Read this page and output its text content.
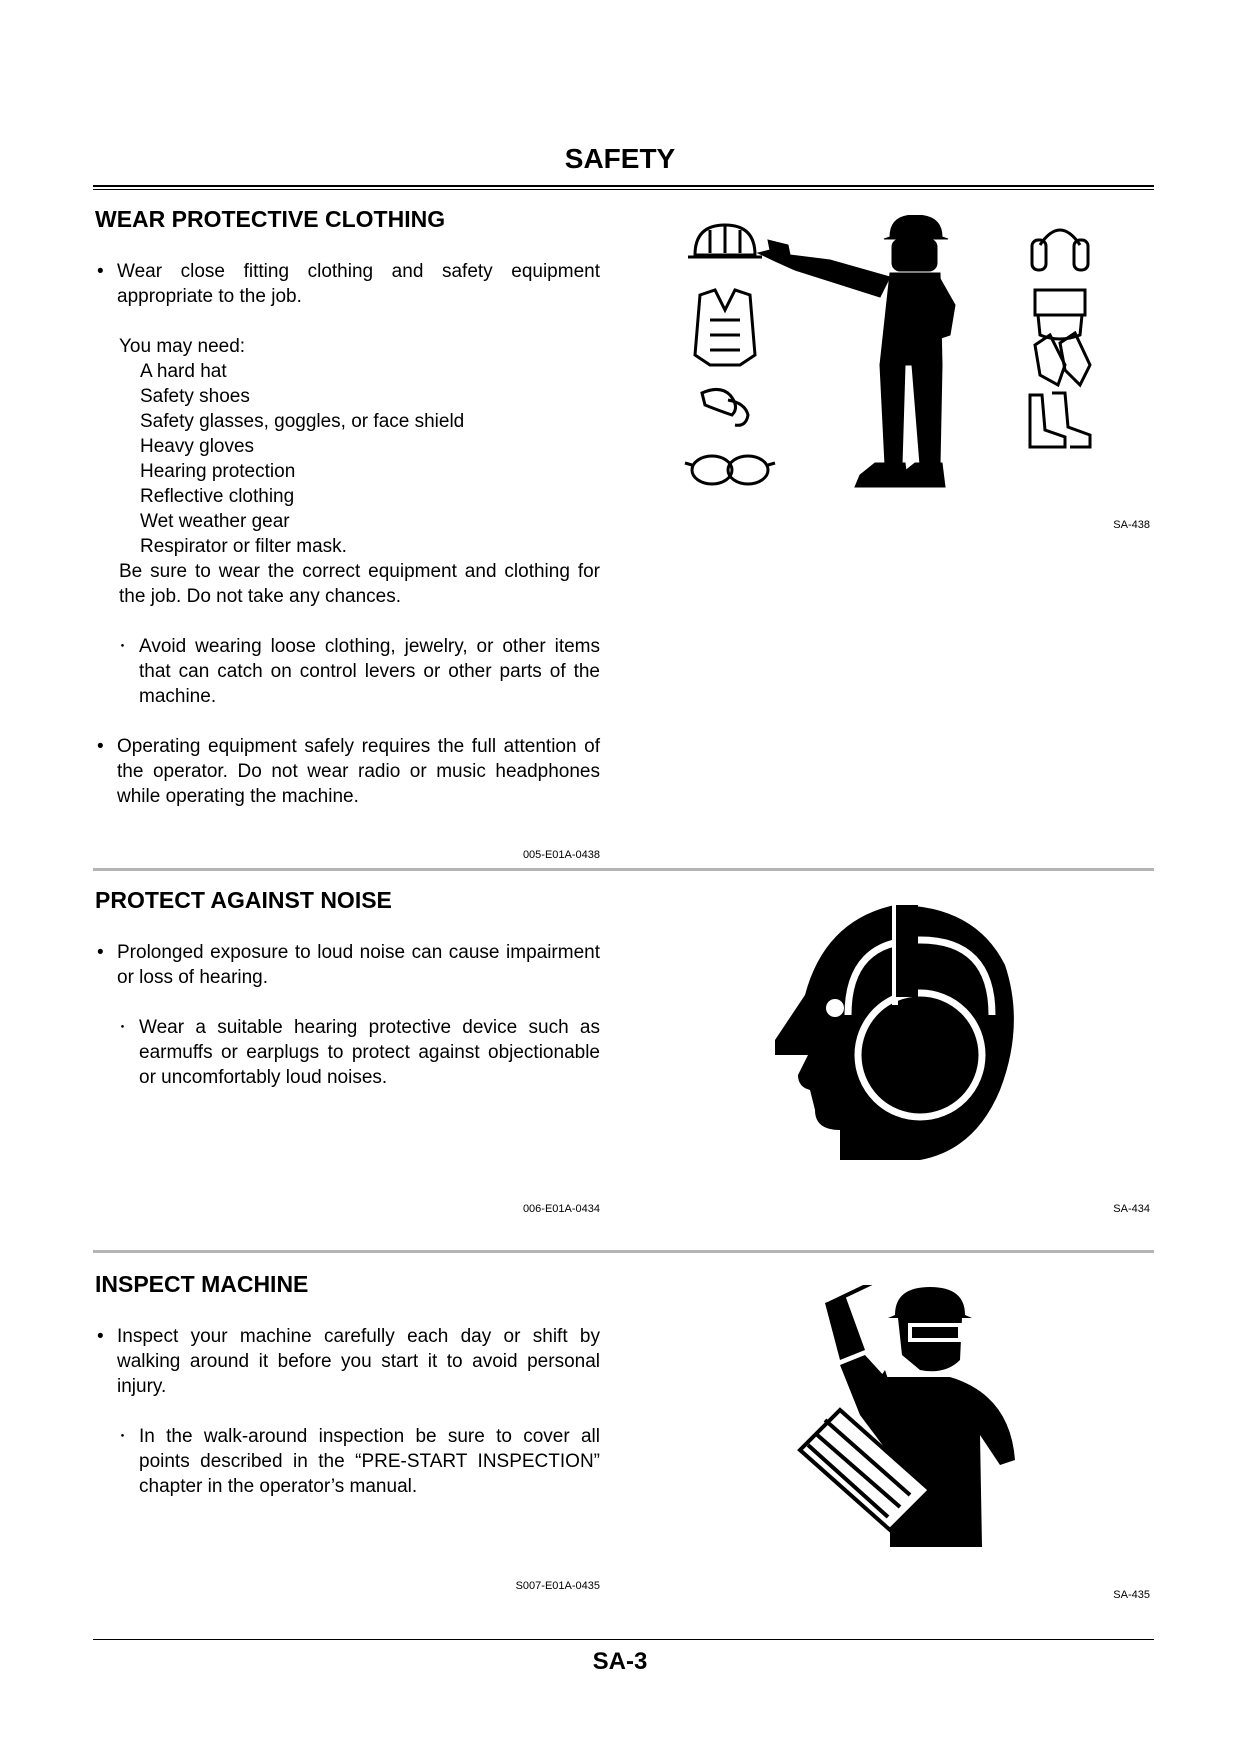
SAFETY
WEAR PROTECTIVE CLOTHING
• Wear close fitting clothing and safety equipment appropriate to the job.
You may need:
A hard hat
Safety shoes
Safety glasses, goggles, or face shield
Heavy gloves
Hearing protection
Reflective clothing
Wet weather gear
Respirator or filter mask.
Be sure to wear the correct equipment and clothing for the job. Do not take any chances.
・ Avoid wearing loose clothing, jewelry, or other items that can catch on control levers or other parts of the machine.
• Operating equipment safely requires the full attention of the operator. Do not wear radio or music headphones while operating the machine.
005-E01A-0438
SA-438
PROTECT AGAINST NOISE
• Prolonged exposure to loud noise can cause impairment or loss of hearing.
・ Wear a suitable hearing protective device such as earmuffs or earplugs to protect against objectionable or uncomfortably loud noises.
006-E01A-0434	SA-434
INSPECT MACHINE
• Inspect your machine carefully each day or shift by walking around it before you start it to avoid personal injury.
・ In the walk-around inspection be sure to cover all points described in the “PRE-START INSPECTION” chapter in the operator’s manual.
S007-E01A-0435
SA-435
SA-3
